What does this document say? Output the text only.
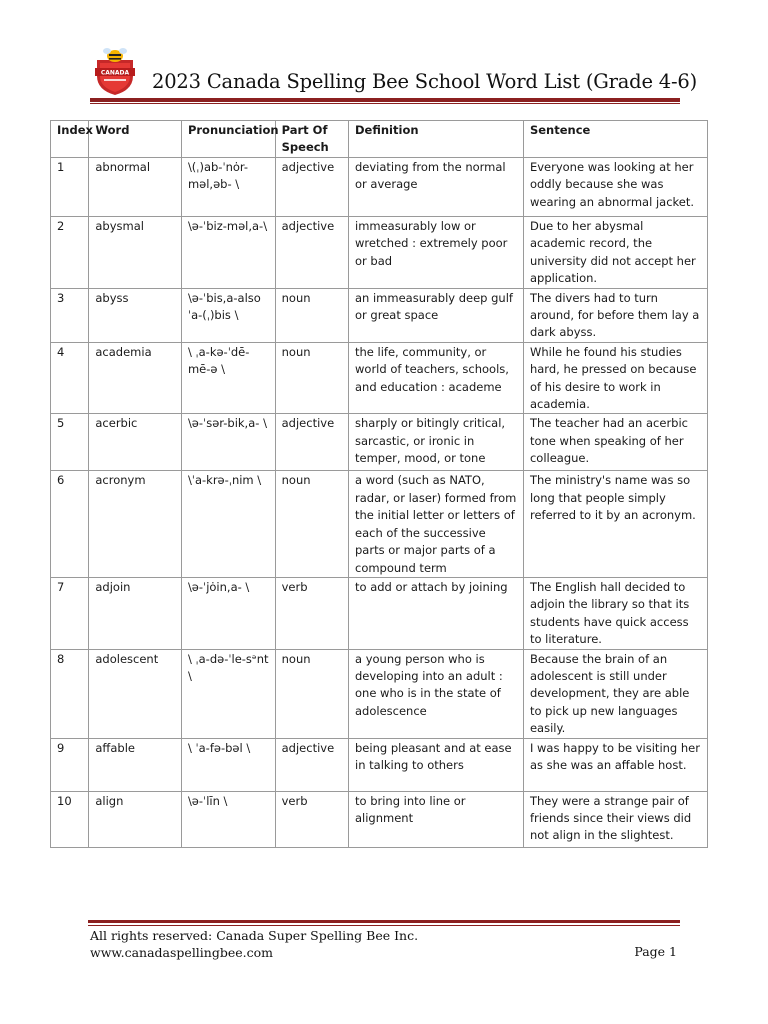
CANADA 2023 Canada Spelling Bee School Word List (Grade 4-6)
Index	Word	Pronunciation	Part Of Speech	Definition	Sentence
1	abnormal	\(ˌ)ab-ˈnȯr-məl,əb- \	adjective	deviating from the normal or average	Everyone was looking at her oddly because she was wearing an abnormal jacket.
2	abysmal	\ə-ˈbiz-məl,a-\	adjective	immeasurably low or wretched : extremely poor or bad	Due to her abysmal academic record, the university did not accept her application.
3	abyss	\ə-ˈbis,a-alsoˈa-(ˌ)bis \	noun	an immeasurably deep gulf or great space	The divers had to turn around, for before them lay a dark abyss.
4	academia	\ ˌa-kə-ˈdē-mē-ə \	noun	the life, community, or world of teachers, schools, and education : academe	While he found his studies hard, he pressed on because of his desire to work in academia.
5	acerbic	\ə-ˈsər-bik,a- \	adjective	sharply or bitingly critical, sarcastic, or ironic in temper, mood, or tone	The teacher had an acerbic tone when speaking of her colleague.
6	acronym	\ˈa-krə-ˌnim \	noun	a word (such as NATO, radar, or laser) formed from the initial letter or letters of each of the successive parts or major parts of a compound term	The ministry's name was so long that people simply referred to it by an acronym.
7	adjoin	\ə-ˈjȯin,a- \	verb	to add or attach by joining	The English hall decided to adjoin the library so that its students have quick access to literature.
8	adolescent	\ ˌa-də-ˈle-sᵊnt \	noun	a young person who is developing into an adult : one who is in the state of adolescence	Because the brain of an adolescent is still under development, they are able to pick up new languages easily.
9	affable	\ ˈa-fə-bəl \	adjective	being pleasant and at ease in talking to others	I was happy to be visiting her as she was an affable host.
10	align	\ə-ˈlīn \	verb	to bring into line or alignment	They were a strange pair of friends since their views did not align in the slightest.
All rights reserved: Canada Super Spelling Bee Inc.
www.canadaspellingbee.com	Page 1
